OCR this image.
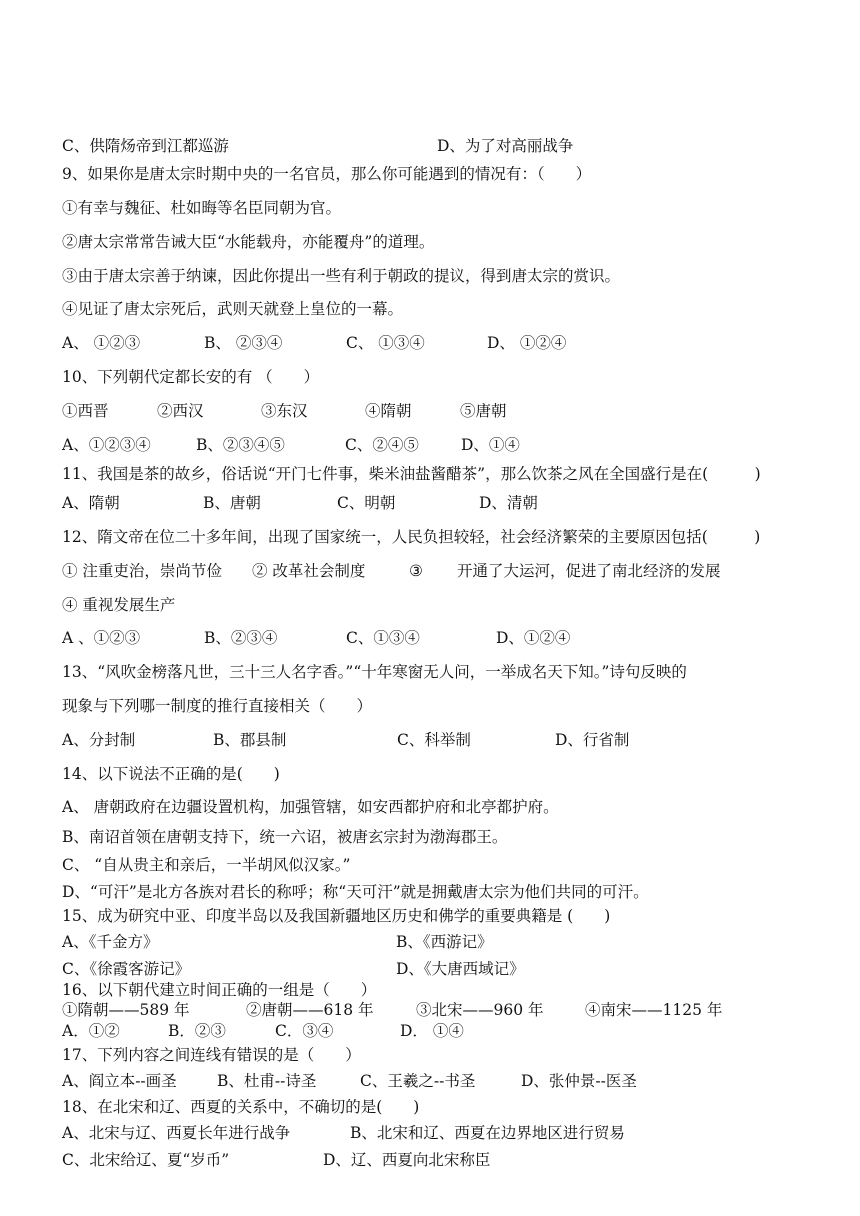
C、供隋炀帝到江都巡游	D、为了对高丽战争
9、如果你是唐太宗时期中央的一名官员，那么你可能遇到的情况有：（　　）
①有幸与魏征、杜如晦等名臣同朝为官。
②唐太宗常常告诫大臣“水能载舟，亦能覆舟”的道理。
③由于唐太宗善于纳谏，因此你提出一些有利于朝政的提议，得到唐太宗的赏识。
④见证了唐太宗死后，武则天就登上皇位的一幕。
A、 ①②③	B、 ②③④	C、 ①③④	D、 ①②④
10、下列朝代定都长安的有 （　　）
①西晋	②西汉	③东汉	④隋朝	⑤唐朝
A、①②③④	B、②③④⑤	C、②④⑤	D、①④
11、我国是茶的故乡，俗话说“开门七件事，柴米油盐酱醋茶”，那么饮茶之风在全国盛行是在(　　　)
A、隋朝	B、唐朝	C、明朝	D、清朝
12、隋文帝在位二十多年间，出现了国家统一，人民负担较轻，社会经济繁荣的主要原因包括(　　　)
① 注重吏治，崇尚节俭 ② 改革社会制度	③ 开通了大运河，促进了南北经济的发展
④ 重视发展生产
A 、①②③	B、②③④	C、①③④	D、①②④
13、“风吹金榜落凡世，三十三人名字香。”“十年寒窗无人问，一举成名天下知。”诗句反映的
现象与下列哪一制度的推行直接相关（　　）
A、分封制	B、郡县制	C、科举制	D、行省制
14、以下说法不正确的是(　　)
A、 唐朝政府在边疆设置机构，加强管辖，如安西都护府和北亭都护府。
B、南诏首领在唐朝支持下，统一六诏，被唐玄宗封为渤海郡王。
C、 “自从贵主和亲后，一半胡风似汉家。”
D、“可汗”是北方各族对君长的称呼；称“天可汗”就是拥戴唐太宗为他们共同的可汗。
15、成为研究中亚、印度半岛以及我国新疆地区历史和佛学的重要典籍是 (　　)
A、《千金方》	B、《西游记》
C、《徐霞客游记》	D、《大唐西域记》
16、以下朝代建立时间正确的一组是（　　）
①隋朝——589 年	②唐朝——618 年	③北宋——960 年	④南宋——1125 年
A．①②	B．②③	C．③④	D． ①④
17、下列内容之间连线有错误的是（　　）
A、阎立本--画圣	B、杜甫--诗圣	C、王羲之--书圣	D、张仲景--医圣
18、在北宋和辽、西夏的关系中，不确切的是(　　)
A、北宋与辽、西夏长年进行战争	B、北宋和辽、西夏在边界地区进行贸易
C、北宋给辽、夏“岁币”	D、辽、西夏向北宋称臣
